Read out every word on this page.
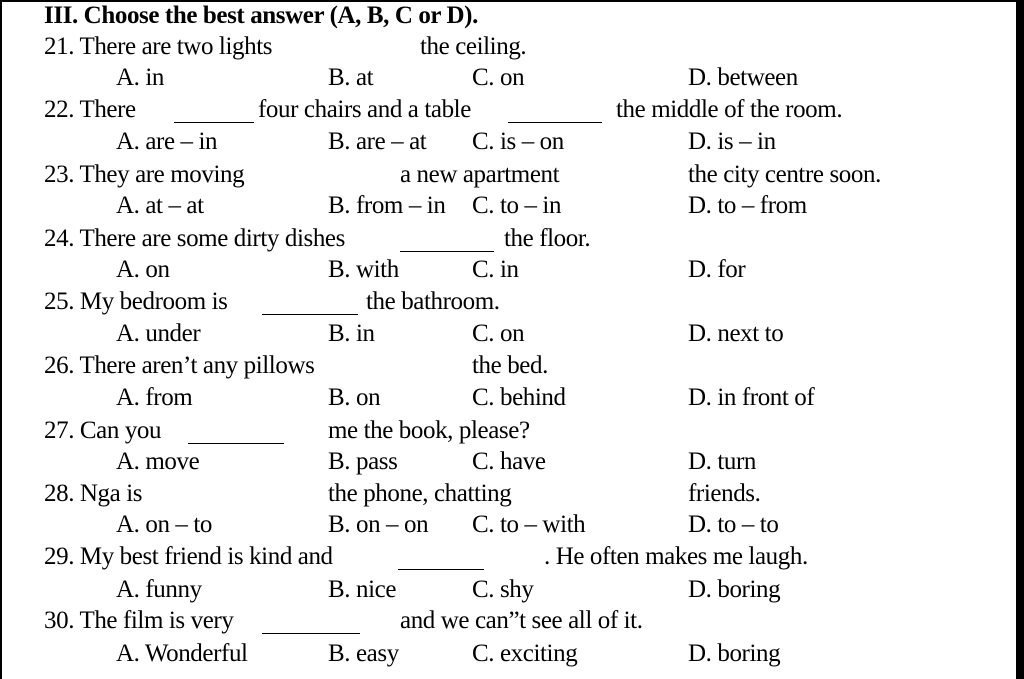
III. Choose the best answer (A, B, C or D).
21. There are two lights	the ceiling.
A. in	B. at	C. on	D. between
22. There	four chairs and a table	the middle of the room.
A. are – in	B. are – at C. is – on	D. is – in
23. They are moving	a new apartment	the city centre soon.
A. at – at	B. from – in C. to – in	D. to – from
24. There are some dirty dishes	the floor.
A. on	B. with	C. in	D. for
25. My bedroom is	the bathroom.
A. under	B. in	C. on	D. next to
26. There aren’t any pillows	the bed.
A. from	B. on	C. behind	D. in front of
27. Can you	me the book, please?
A. move	B. pass	C. have	D. turn
28. Nga is	the phone, chatting	friends.
A. on – to	B. on – on C. to – with	D. to – to
29. My best friend is kind and	. He often makes me laugh.
A. funny	B. nice	C. shy	D. boring
30. The film is very	and we can”t see all of it.
A. Wonderful	B. easy	C. exciting	D. boring
